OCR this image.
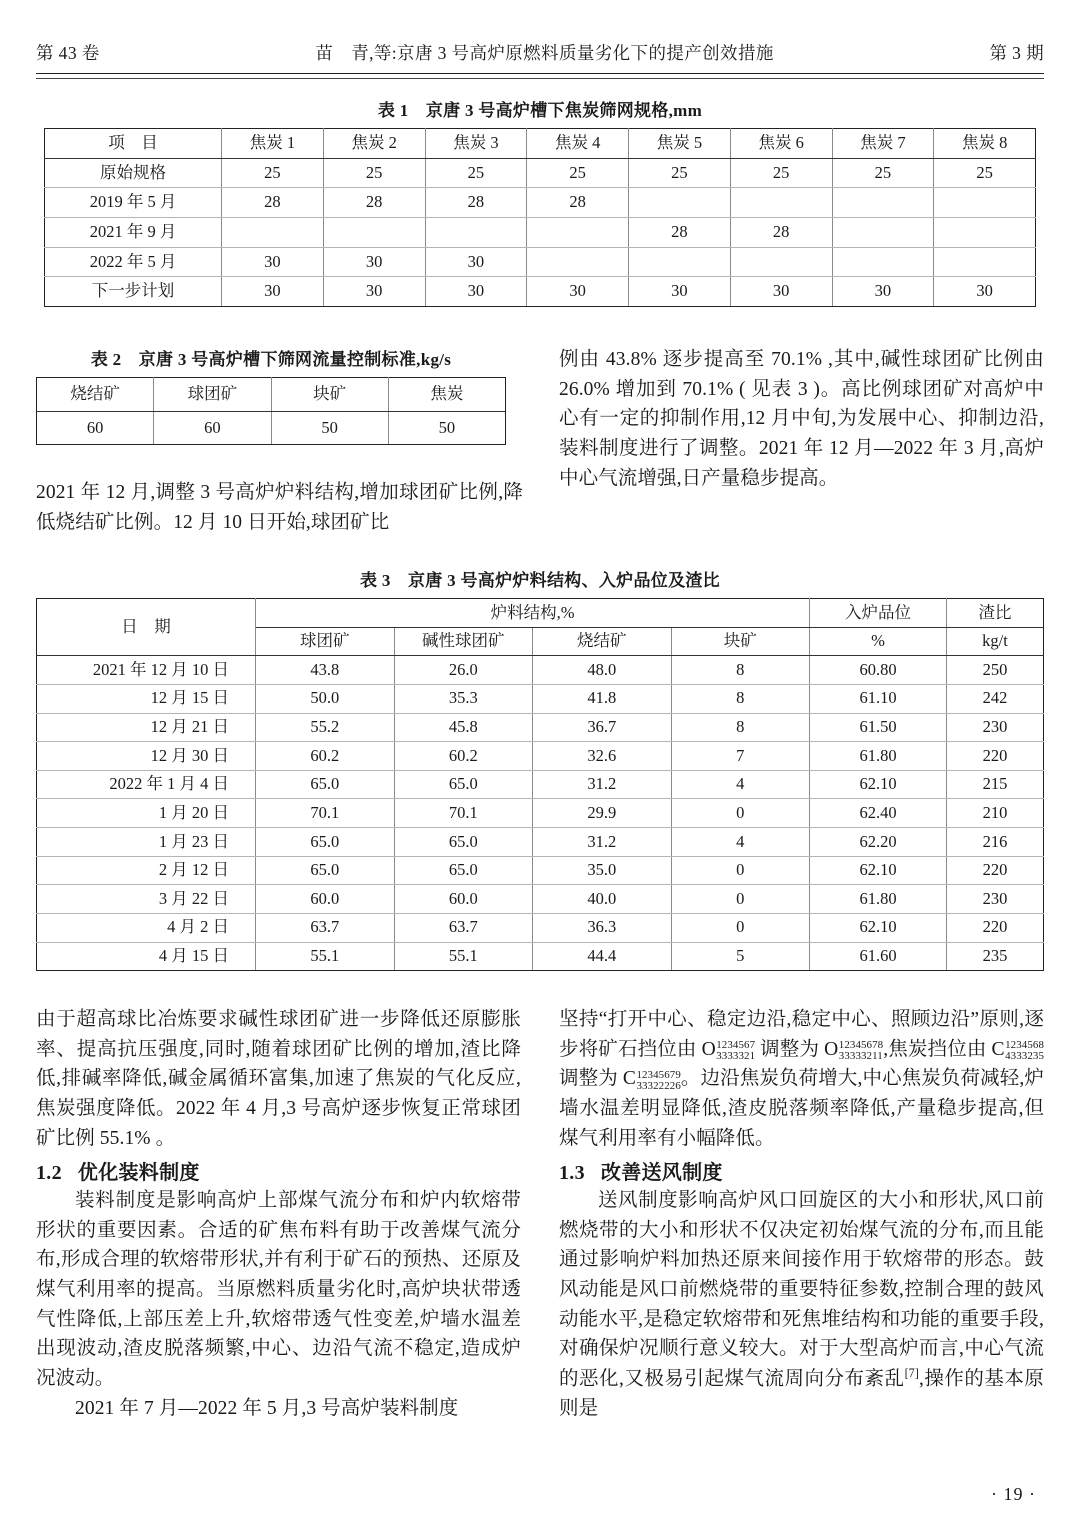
第 43 卷	苗　青,等:京唐 3 号高炉原燃料质量劣化下的提产创效措施	第 3 期
表 1　京唐 3 号高炉槽下焦炭筛网规格,mm
项　目	焦炭 1	焦炭 2	焦炭 3	焦炭 4	焦炭 5	焦炭 6	焦炭 7	焦炭 8
原始规格	25	25	25	25	25	25	25	25
2019 年 5 月	28	28	28	28				
2021 年 9 月					28	28		
2022 年 5 月	30	30	30					
下一步计划	30	30	30	30	30	30	30	30
表 2　京唐 3 号高炉槽下筛网流量控制标准,kg/s
烧结矿	球团矿	块矿	焦炭
60	60	50	50

例由 43.8% 逐步提高至 70.1% ,其中,碱性球团矿比例由 26.0% 增加到 70.1% ( 见表 3 )。高比例球团矿对高炉中心有一定的抑制作用,12 月中旬,为发展中心、抑制边沿,装料制度进行了调整。2021 年 12 月—2022 年 3 月,高炉中心气流增强,日产量稳步提高。

2021 年 12 月,调整 3 号高炉炉料结构,增加球团矿比例,降低烧结矿比例。12 月 10 日开始,球团矿比

表 3　京唐 3 号高炉炉料结构、入炉品位及渣比
日　期	炉料结构,%				入炉品位	渣比
	球团矿	碱性球团矿	烧结矿	块矿	%	kg/t
2021 年 12 月 10 日	43.8	26.0	48.0	8	60.80	250
12 月 15 日	50.0	35.3	41.8	8	61.10	242
12 月 21 日	55.2	45.8	36.7	8	61.50	230
12 月 30 日	60.2	60.2	32.6	7	61.80	220
2022 年 1 月 4 日	65.0	65.0	31.2	4	62.10	215
1 月 20 日	70.1	70.1	29.9	0	62.40	210
1 月 23 日	65.0	65.0	31.2	4	62.20	216
2 月 12 日	65.0	65.0	35.0	0	62.10	220
3 月 22 日	60.0	60.0	40.0	0	61.80	230
4 月 2 日	63.7	63.7	36.3	0	62.10	220
4 月 15 日	55.1	55.1	44.4	5	61.60	235

由于超高球比冶炼要求碱性球团矿进一步降低还原膨胀率、提高抗压强度,同时,随着球团矿比例的增加,渣比降低,排碱率降低,碱金属循环富集,加速了焦炭的气化反应,焦炭强度降低。2022 年 4 月,3 号高炉逐步恢复正常球团矿比例 55.1% 。

1.2 优化装料制度

装料制度是影响高炉上部煤气流分布和炉内软熔带形状的重要因素。合适的矿焦布料有助于改善煤气流分布,形成合理的软熔带形状,并有利于矿石的预热、还原及煤气利用率的提高。当原燃料质量劣化时,高炉块状带透气性降低,上部压差上升,软熔带透气性变差,炉墙水温差出现波动,渣皮脱落频繁,中心、边沿气流不稳定,造成炉况波动。

2021 年 7 月—2022 年 5 月,3 号高炉装料制度

坚持“打开中心、稳定边沿,稳定中心、照顾边沿”原则,逐步将矿石挡位由 O 1234567
3333321 调整为 O 12345678
33333211 ,焦炭挡位由 C 1234568
4333235
调整为 C 12345679
33322226 。边沿焦炭负荷增大,中心焦炭负荷减轻,炉墙水温差明显降低,渣皮脱落频率降低,产量稳步提高,但煤气利用率有小幅降低。

1.3 改善送风制度

送风制度影响高炉风口回旋区的大小和形状,风口前燃烧带的大小和形状不仅决定初始煤气流的分布,而且能通过影响炉料加热还原来间接作用于软熔带的形态。鼓风动能是风口前燃烧带的重要特征参数,控制合理的鼓风动能水平,是稳定软熔带和死焦堆结构和功能的重要手段,对确保炉况顺行意义较大。对于大型高炉而言,中心气流的恶化,又极易引起煤气流周向分布紊乱[7],操作的基本原则是

· 19 ·
